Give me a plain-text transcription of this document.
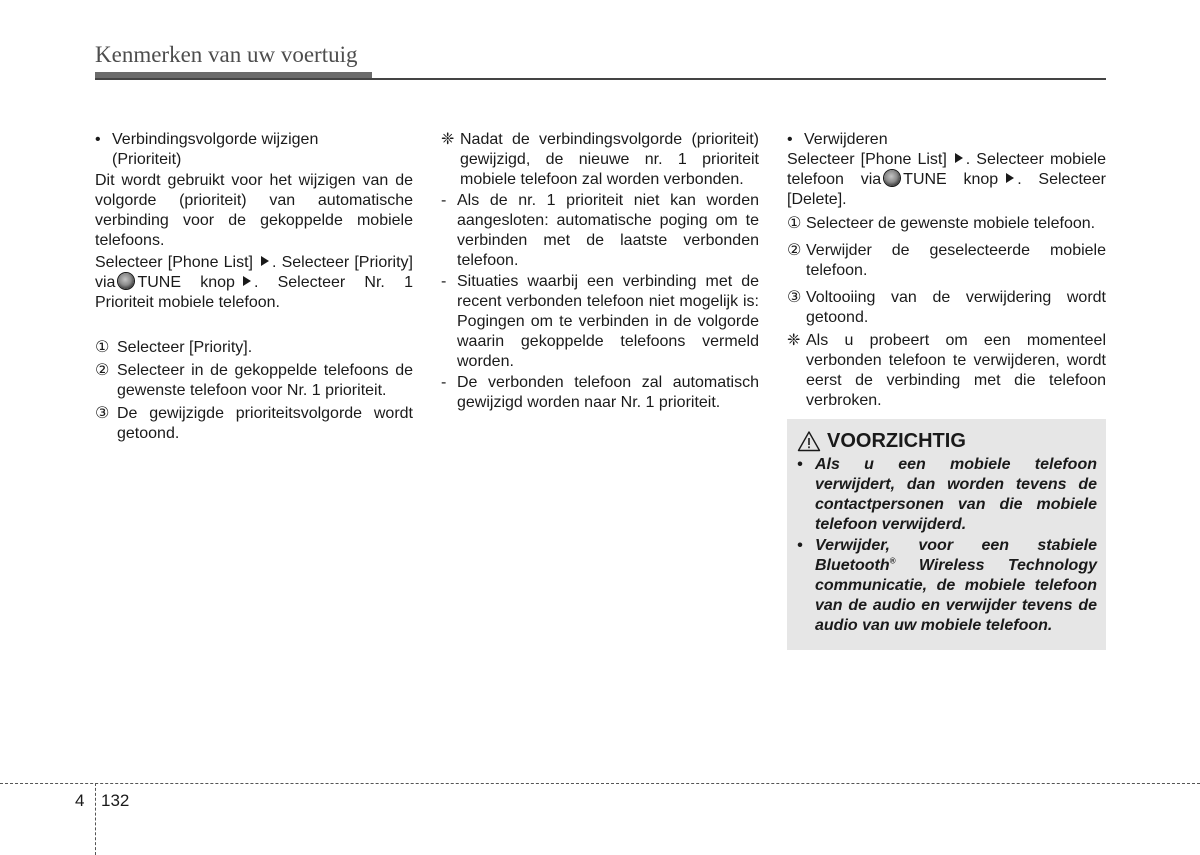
Kenmerken van uw voertuig
• Verbindingsvolgorde wijzigen
(Prioriteit)

Dit wordt gebruikt voor het wijzigen van de volgorde (prioriteit) van automatische verbinding voor de gekoppelde mobiele telefoons.

Selecteer [Phone List] . Selecteer [Priority] via TUNE knop . Selecteer Nr. 1 Prioriteit mobiele telefoon.

① Selecteer [Priority].
② Selecteer in de gekoppelde telefoons de gewenste telefoon voor Nr. 1 prioriteit.
③ De gewijzigde prioriteitsvolgorde wordt getoond.
❈ Nadat de verbindingsvolgorde (prioriteit) gewijzigd, de nieuwe nr. 1 prioriteit mobiele telefoon zal worden verbonden.
- Als de nr. 1 prioriteit niet kan worden aangesloten: automatische poging om te verbinden met de laatste verbonden telefoon.
- Situaties waarbij een verbinding met de recent verbonden telefoon niet mogelijk is: Pogingen om te verbinden in de volgorde waarin gekoppelde telefoons vermeld worden.
- De verbonden telefoon zal automatisch gewijzigd worden naar Nr. 1 prioriteit.
• Verwijderen

Selecteer [Phone List] . Selecteer mobiele telefoon via TUNE knop . Selecteer [Delete].

① Selecteer de gewenste mobiele telefoon.
② Verwijder de geselecteerde mobiele telefoon.
③ Voltooiing van de verwijdering wordt getoond.
❈ Als u probeert om een momenteel verbonden telefoon te verwijderen, wordt eerst de verbinding met die telefoon verbroken.
VOORZICHTIG
• Als u een mobiele telefoon verwijdert, dan worden tevens de contactpersonen van die mobiele telefoon verwijderd.
• Verwijder, voor een stabiele Bluetooth® Wireless Technology communicatie, de mobiele telefoon van de audio en verwijder tevens de audio van uw mobiele telefoon.
4 132
